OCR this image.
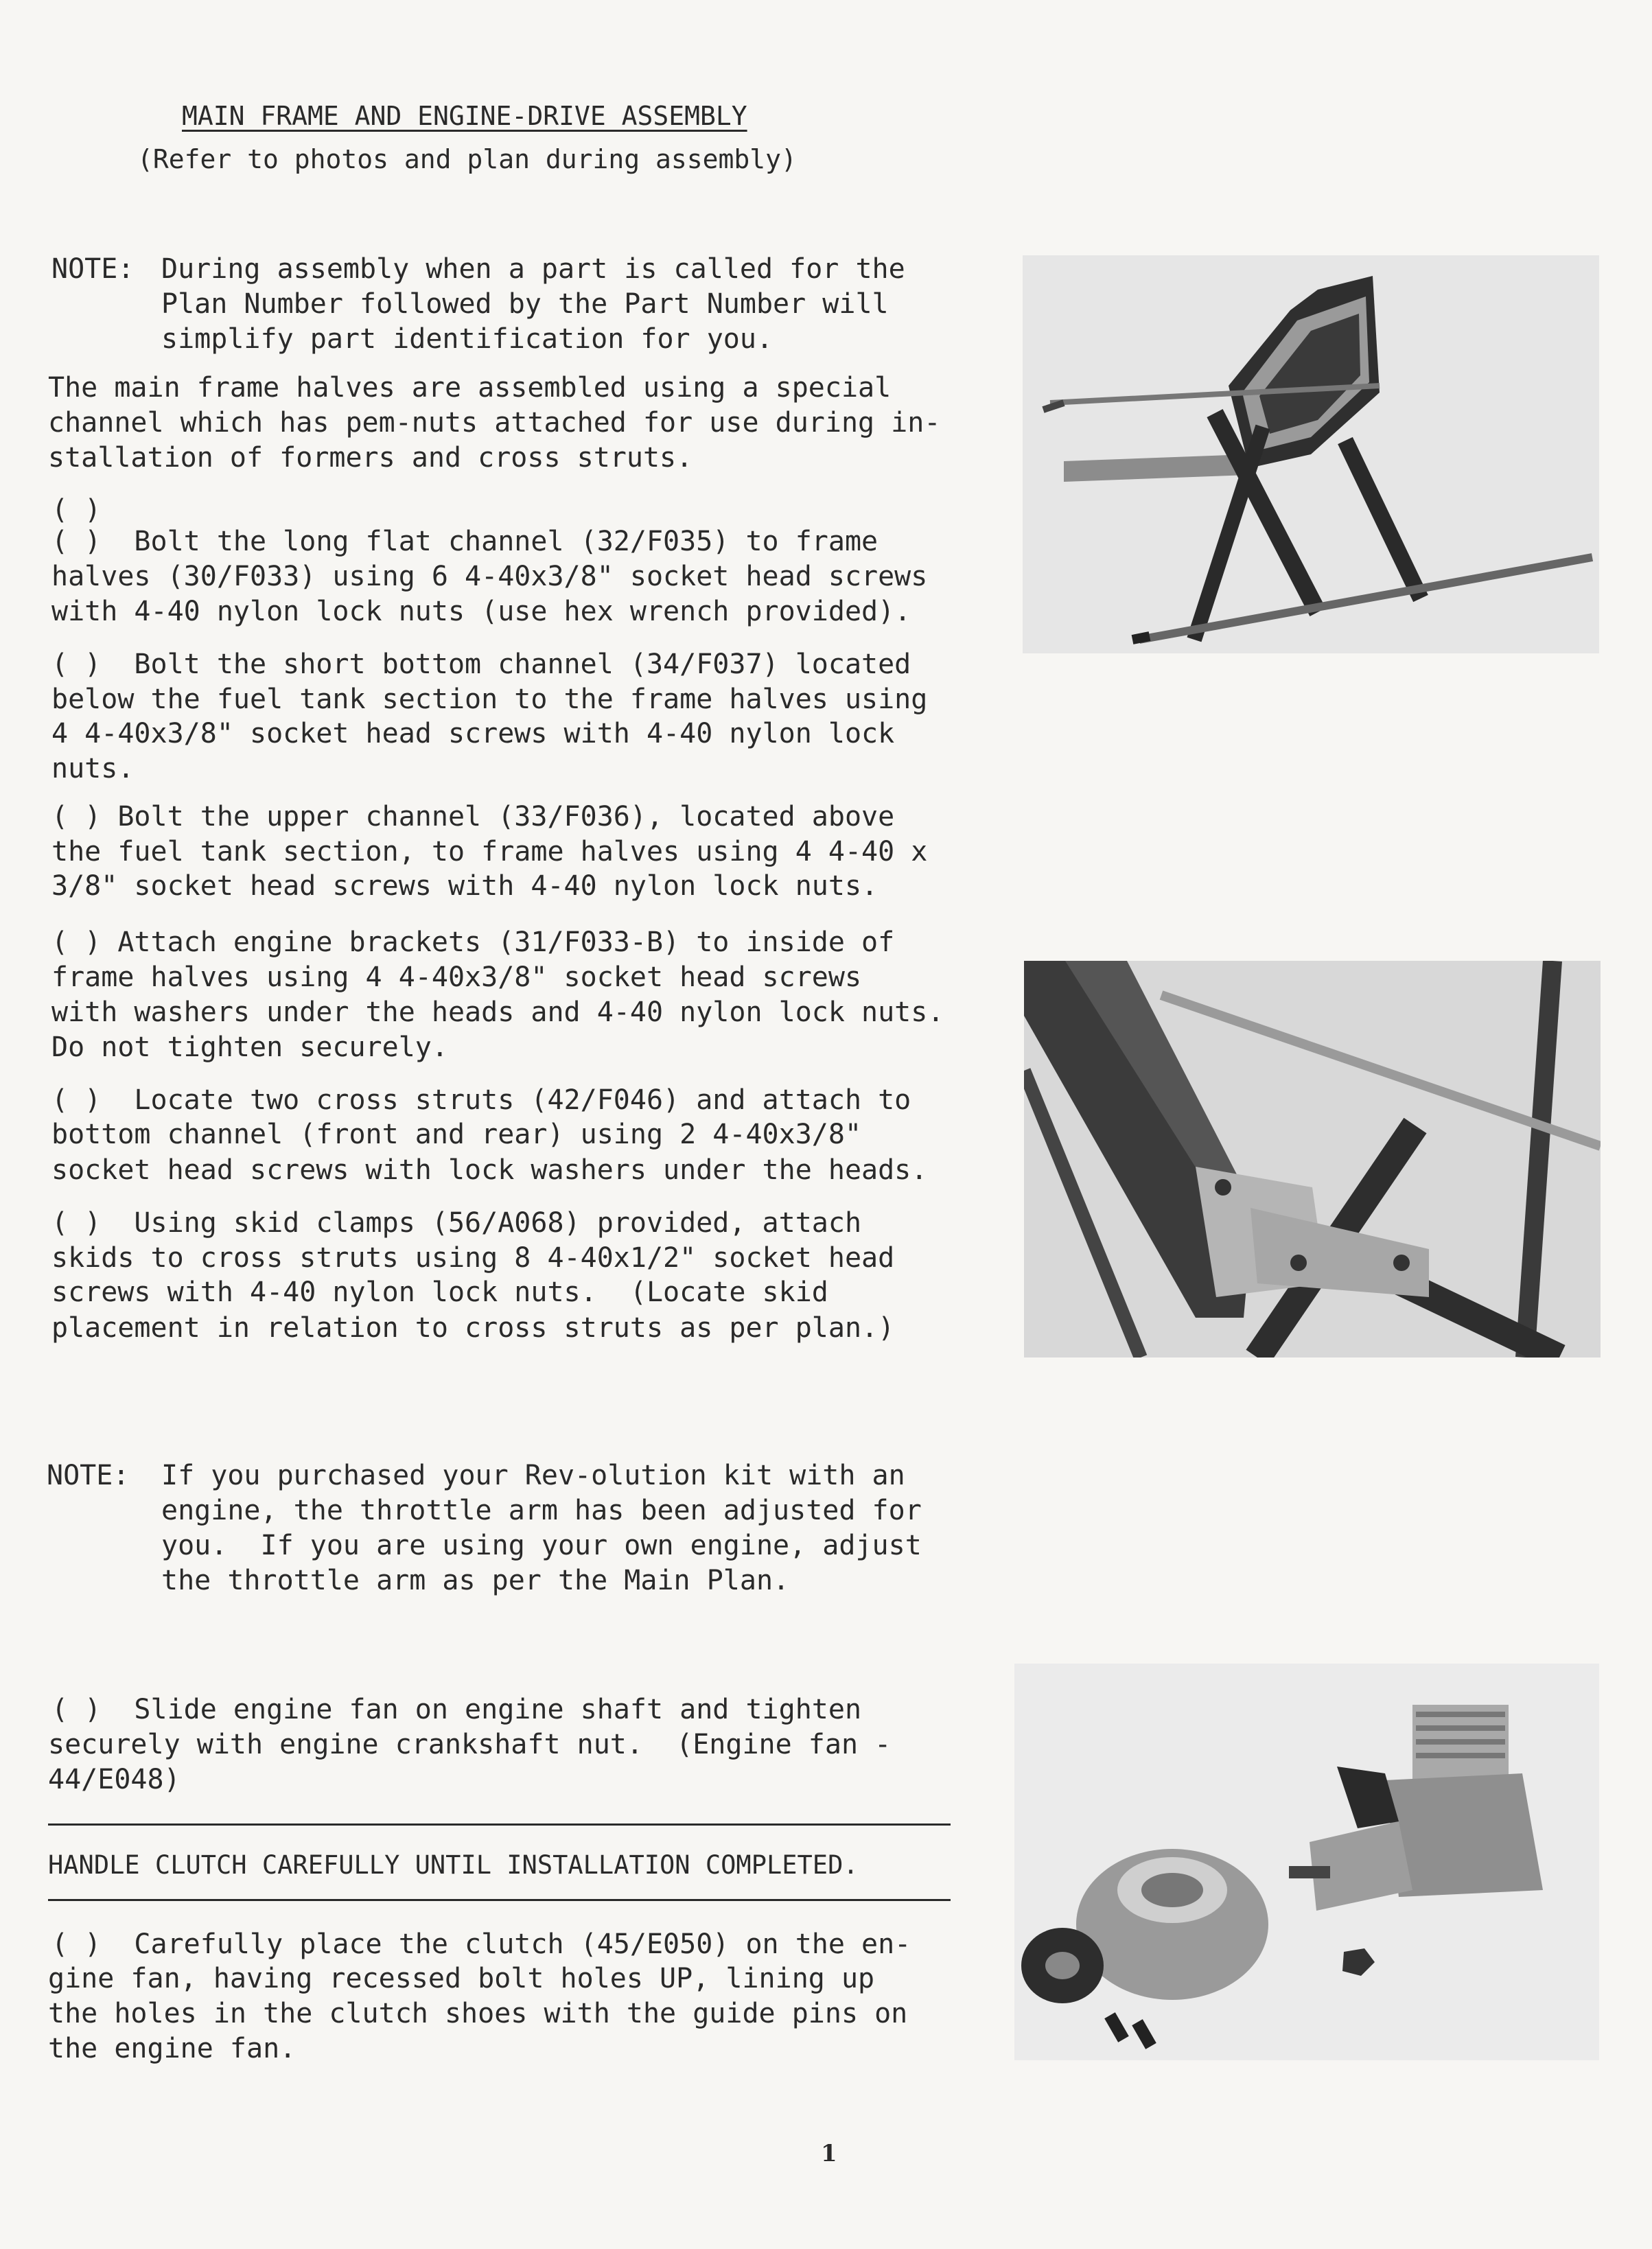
MAIN FRAME AND ENGINE-DRIVE ASSEMBLY
(Refer to photos and plan during assembly)
NOTE: During assembly when a part is called for the
Plan Number followed by the Part Number will
simplify part identification for you.
The main frame halves are assembled using a special
channel which has pem-nuts attached for use during in-
stallation of formers and cross struts.
( )
( )  Bolt the long flat channel (32/F035) to frame
halves (30/F033) using 6 4-40x3/8" socket head screws
with 4-40 nylon lock nuts (use hex wrench provided).
( )  Bolt the short bottom channel (34/F037) located
below the fuel tank section to the frame halves using
4 4-40x3/8" socket head screws with 4-40 nylon lock
nuts.
( ) Bolt the upper channel (33/F036), located above
the fuel tank section, to frame halves using 4 4-40 x
3/8" socket head screws with 4-40 nylon lock nuts.
( ) Attach engine brackets (31/F033-B) to inside of
frame halves using 4 4-40x3/8" socket head screws
with washers under the heads and 4-40 nylon lock nuts.
Do not tighten securely.
( )  Locate two cross struts (42/F046) and attach to
bottom channel (front and rear) using 2 4-40x3/8"
socket head screws with lock washers under the heads.
( )  Using skid clamps (56/A068) provided, attach
skids to cross struts using 8 4-40x1/2" socket head
screws with 4-40 nylon lock nuts.  (Locate skid
placement in relation to cross struts as per plan.)
NOTE: If you purchased your Rev-olution kit with an
engine, the throttle arm has been adjusted for
you.  If you are using your own engine, adjust
the throttle arm as per the Main Plan.
( )  Slide engine fan on engine shaft and tighten
securely with engine crankshaft nut.  (Engine fan -
44/E048)
HANDLE CLUTCH CAREFULLY UNTIL INSTALLATION COMPLETED.
( )  Carefully place the clutch (45/E050) on the en-
gine fan, having recessed bolt holes UP, lining up
the holes in the clutch shoes with the guide pins on
the engine fan.
1
